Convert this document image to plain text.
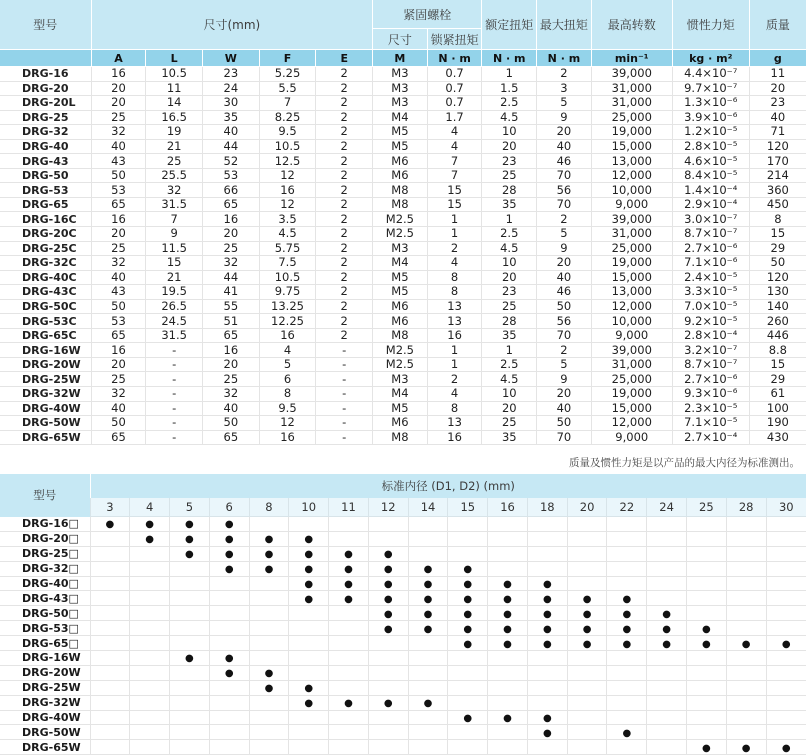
型号	尺寸(mm)					紧固螺栓		额定扭矩	最大扭矩	最高转数	惯性力矩	质量
						尺寸	锁紧扭矩					
	A	L	W	F	E	M	N · m	N · m	N · m	min⁻¹	kg · m²	g
DRG-16	16	10.5	23	5.25	2	M3	0.7	1	2	39,000	4.4×10⁻⁷	11
DRG-20	20	11	24	5.5	2	M3	0.7	1.5	3	31,000	9.7×10⁻⁷	20
DRG-20L	20	14	30	7	2	M3	0.7	2.5	5	31,000	1.3×10⁻⁶	23
DRG-25	25	16.5	35	8.25	2	M4	1.7	4.5	9	25,000	3.9×10⁻⁶	40
DRG-32	32	19	40	9.5	2	M5	4	10	20	19,000	1.2×10⁻⁵	71
DRG-40	40	21	44	10.5	2	M5	4	20	40	15,000	2.8×10⁻⁵	120
DRG-43	43	25	52	12.5	2	M6	7	23	46	13,000	4.6×10⁻⁵	170
DRG-50	50	25.5	53	12	2	M6	7	25	70	12,000	8.4×10⁻⁵	214
DRG-53	53	32	66	16	2	M8	15	28	56	10,000	1.4×10⁻⁴	360
DRG-65	65	31.5	65	12	2	M8	15	35	70	9,000	2.9×10⁻⁴	450
DRG-16C	16	7	16	3.5	2	M2.5	1	1	2	39,000	3.0×10⁻⁷	8
DRG-20C	20	9	20	4.5	2	M2.5	1	2.5	5	31,000	8.7×10⁻⁷	15
DRG-25C	25	11.5	25	5.75	2	M3	2	4.5	9	25,000	2.7×10⁻⁶	29
DRG-32C	32	15	32	7.5	2	M4	4	10	20	19,000	7.1×10⁻⁶	50
DRG-40C	40	21	44	10.5	2	M5	8	20	40	15,000	2.4×10⁻⁵	120
DRG-43C	43	19.5	41	9.75	2	M5	8	23	46	13,000	3.3×10⁻⁵	130
DRG-50C	50	26.5	55	13.25	2	M6	13	25	50	12,000	7.0×10⁻⁵	140
DRG-53C	53	24.5	51	12.25	2	M6	13	28	56	10,000	9.2×10⁻⁵	260
DRG-65C	65	31.5	65	16	2	M8	16	35	70	9,000	2.8×10⁻⁴	446
DRG-16W	16	-	16	4	-	M2.5	1	1	2	39,000	3.2×10⁻⁷	8.8
DRG-20W	20	-	20	5	-	M2.5	1	2.5	5	31,000	8.7×10⁻⁷	15
DRG-25W	25	-	25	6	-	M3	2	4.5	9	25,000	2.7×10⁻⁶	29
DRG-32W	32	-	32	8	-	M4	4	10	20	19,000	9.3×10⁻⁶	61
DRG-40W	40	-	40	9.5	-	M5	8	20	40	15,000	2.3×10⁻⁵	100
DRG-50W	50	-	50	12	-	M6	13	25	50	12,000	7.1×10⁻⁵	190
DRG-65W	65	-	65	16	-	M8	16	35	70	9,000	2.7×10⁻⁴	430

质量及惯性力矩是以产品的最大内径为标准测出。

型号	标准内径 (D1, D2) (mm)																	
	3	4	5	6	8	10	11	12	14	15	16	18	20	22	24	25	28	30
DRG-16□	●	●	●	●														
DRG-20□		●	●	●	●	●												
DRG-25□			●	●	●	●	●	●										
DRG-32□				●	●	●	●	●	●	●								
DRG-40□						●	●	●	●	●	●	●						
DRG-43□						●	●	●	●	●	●	●	●	●				
DRG-50□								●	●	●	●	●	●	●	●			
DRG-53□								●	●	●	●	●	●	●	●	●		
DRG-65□										●	●	●	●	●	●	●	●	●
DRG-16W			●	●														
DRG-20W				●	●													
DRG-25W					●	●												
DRG-32W						●	●	●	●									
DRG-40W										●	●	●						
DRG-50W												●		●				
DRG-65W																●	●	●
